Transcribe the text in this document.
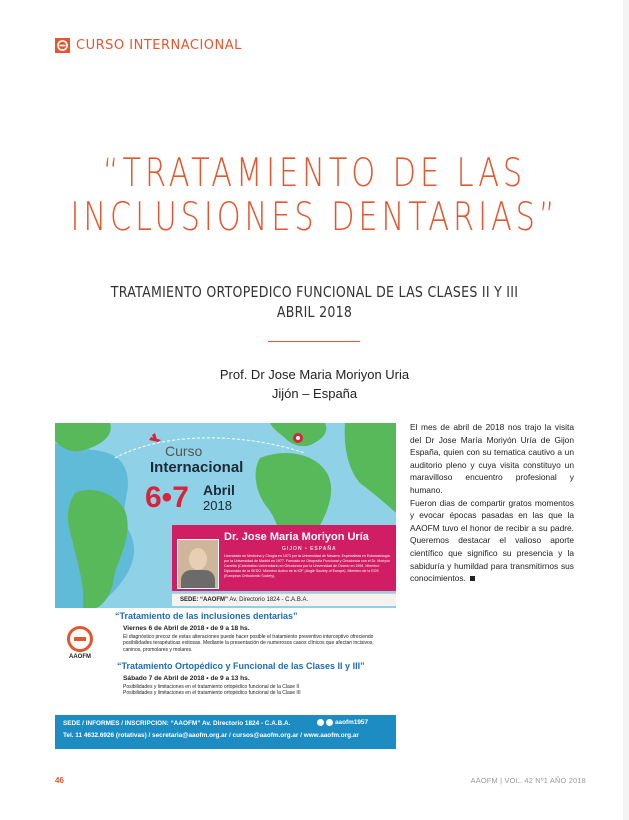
CURSO INTERNACIONAL
“TRATAMIENTO DE LAS
INCLUSIONES DENTARIAS”
TRATAMIENTO ORTOPEDICO FUNCIONAL DE LAS CLASES II Y III
ABRIL 2018
Prof. Dr Jose Maria Moriyon Uria
Jijón – España
Curso
Internacional
6•7 Abril
2018
Dr. Jose Maria Moriyon Uría
GIJON • ESPAÑA
Licenciado en Medicina y Cirugía en 1973 por la Universidad de Navarra. Especialista en Estomatología por la Universidad de Madrid en 1977. Formado en Ortopedia Funcional y Ortodoncia con el Dr. Moriyón Carreño (Catedrático Universitario en Ortodoncia por la Universidad de Oviedo en 1994. Miembro Diplomado de la SEDO. Miembro Activo de la IOF (Angle Society of Europe). Miembro de la EOS (European Orthodontic Society).
SEDE: “AAOFM” Av. Directorio 1824 - C.A.B.A.
AAOFM
“Tratamiento de las inclusiones dentarias”
Viernes 6 de Abril de 2018 • de 9 a 18 hs.
El diagnóstico precoz de estas alteraciones puede hacer posible el tratamiento preventivo interceptivo ofreciendo posibilidades terapéuticas exitosas. Mediante la presentación de numerosos casos clínicos que afectan incisivos, caninos, promolares y molares.
“Tratamiento Ortopédico y Funcional de las Clases II y III”
Sábado 7 de Abril de 2018 • de 9 a 13 hs.
Posibilidades y limitaciones en el tratamiento ortopédico funcional de la Clase II
Posibilidades y limitaciones en el tratamiento ortopédico funcional de la Clase III
SEDE / INFORMES / INSCRIPCION: “AAOFM” Av. Directorio 1824 - C.A.B.A.
Tel. 11 4632.6926 (rotativas) / secretaria@aaofm.org.ar / cursos@aaofm.org.ar / www.aaofm.org.ar
aaofm1957

El mes de abril de 2018 nos trajo la visita del Dr Jose María Moriyón Uría de Gijon España, quien con su tematica cautivo a un auditorio pleno y cuya visita constituyo un maravilloso encuentro profesional y humano.

Fueron dias de compartir gratos momentos y evocar épocas pasadas en las que la AAOFM tuvo el honor de recibir a su padre. Queremos destacar el valioso aporte científico que significo su presencia y la sabiduría y humildad para transmitirnos sus conocimientos.

46	AAOFM | VOL. 42 Nº1 AÑO 2018
